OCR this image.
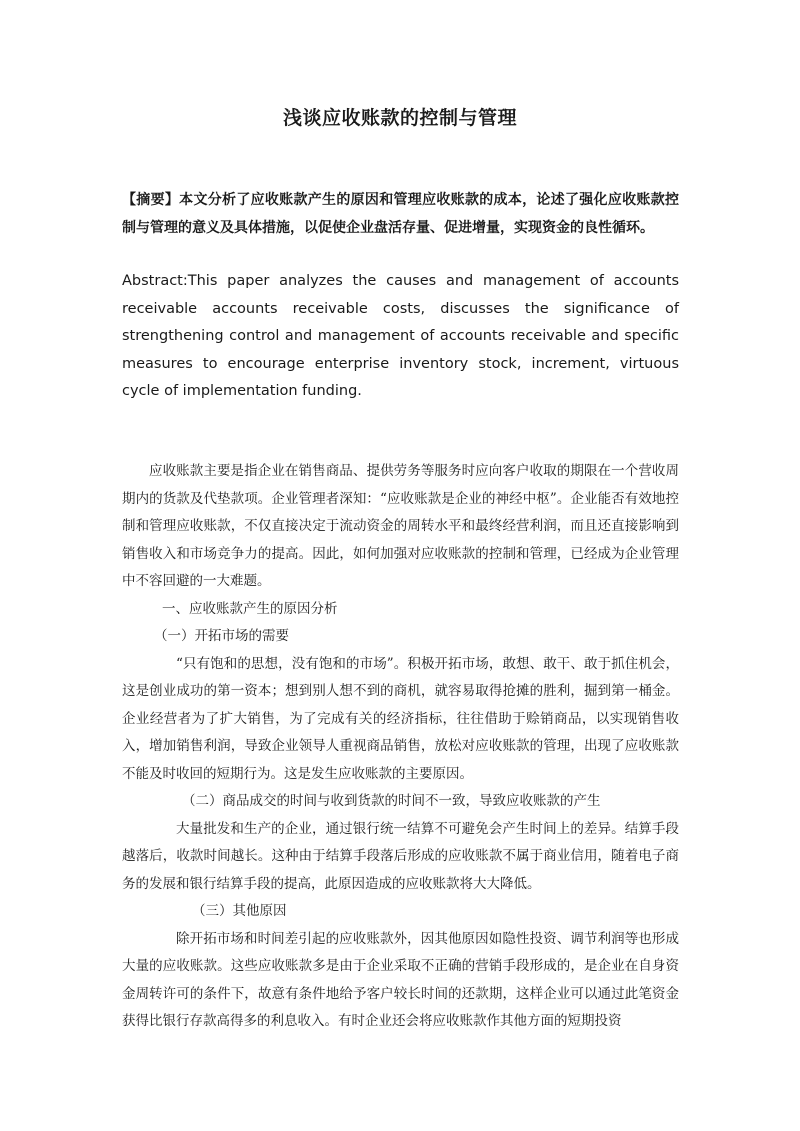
浅谈应收账款的控制与管理
【摘要】本文分析了应收账款产生的原因和管理应收账款的成本，论述了强化应收账款控制与管理的意义及具体措施，以促使企业盘活存量、促进增量，实现资金的良性循环。
Abstract:This paper analyzes the causes and management of accounts receivable accounts receivable costs, discusses the significance of strengthening control and management of accounts receivable and specific measures to encourage enterprise inventory stock, increment, virtuous cycle of implementation funding.

应收账款主要是指企业在销售商品、提供劳务等服务时应向客户收取的期限在一个营收周期内的货款及代垫款项。企业管理者深知：“应收账款是企业的神经中枢”。企业能否有效地控制和管理应收账款，不仅直接决定于流动资金的周转水平和最终经营利润，而且还直接影响到销售收入和市场竞争力的提高。因此，如何加强对应收账款的控制和管理，已经成为企业管理中不容回避的一大难题。

一、应收账款产生的原因分析

（一）开拓市场的需要

“只有饱和的思想，没有饱和的市场”。积极开拓市场，敢想、敢干、敢于抓住机会，这是创业成功的第一资本；想到别人想不到的商机，就容易取得抢摊的胜利，掘到第一桶金。企业经营者为了扩大销售，为了完成有关的经济指标，往往借助于赊销商品，以实现销售收入，增加销售利润，导致企业领导人重视商品销售，放松对应收账款的管理，出现了应收账款不能及时收回的短期行为。这是发生应收账款的主要原因。

（二）商品成交的时间与收到货款的时间不一致，导致应收账款的产生

大量批发和生产的企业，通过银行统一结算不可避免会产生时间上的差异。结算手段越落后，收款时间越长。这种由于结算手段落后形成的应收账款不属于商业信用，随着电子商务的发展和银行结算手段的提高，此原因造成的应收账款将大大降低。

（三）其他原因

除开拓市场和时间差引起的应收账款外，因其他原因如隐性投资、调节利润等也形成大量的应收账款。这些应收账款多是由于企业采取不正确的营销手段形成的，是企业在自身资金周转许可的条件下，故意有条件地给予客户较长时间的还款期，这样企业可以通过此笔资金获得比银行存款高得多的利息收入。有时企业还会将应收账款作其他方面的短期投资
